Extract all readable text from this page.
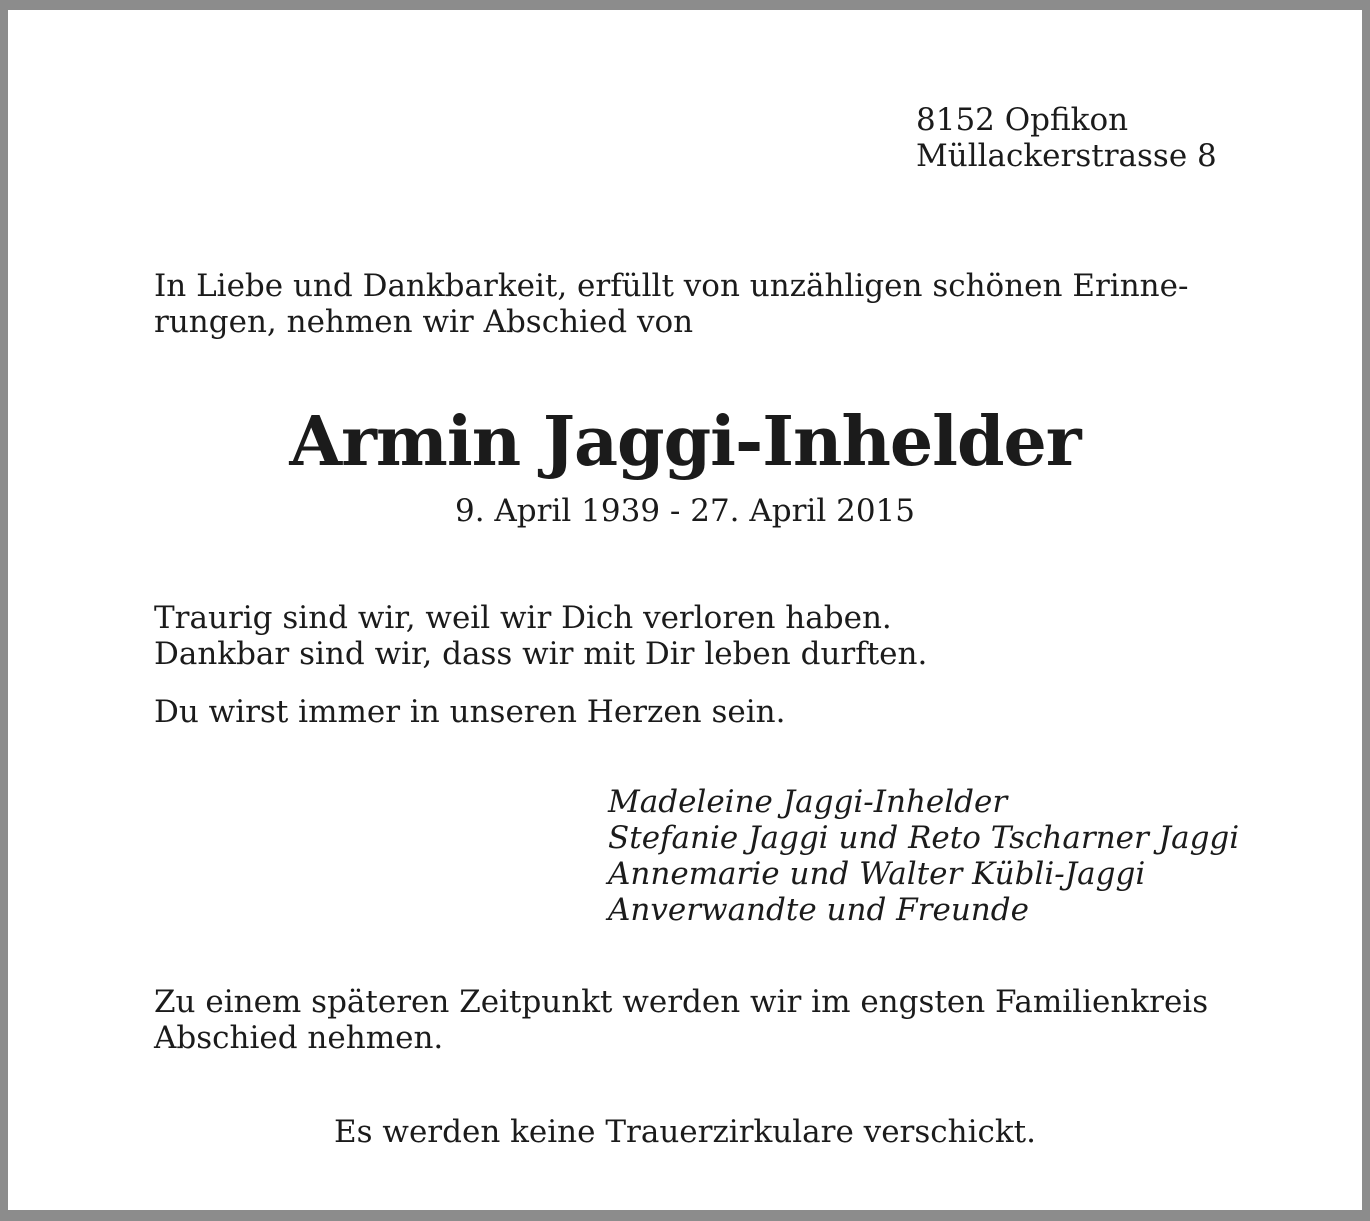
8152 Opfikon
Müllackerstrasse 8
In Liebe und Dankbarkeit, erfüllt von unzähligen schönen Erinne-
rungen, nehmen wir Abschied von
Armin Jaggi-Inhelder
9. April 1939 - 27. April 2015
Traurig sind wir, weil wir Dich verloren haben.
Dankbar sind wir, dass wir mit Dir leben durften.
Du wirst immer in unseren Herzen sein.
Madeleine Jaggi-Inhelder
Stefanie Jaggi und Reto Tscharner Jaggi
Annemarie und Walter Kübli-Jaggi
Anverwandte und Freunde
Zu einem späteren Zeitpunkt werden wir im engsten Familienkreis
Abschied nehmen.
Es werden keine Trauerzirkulare verschickt.
